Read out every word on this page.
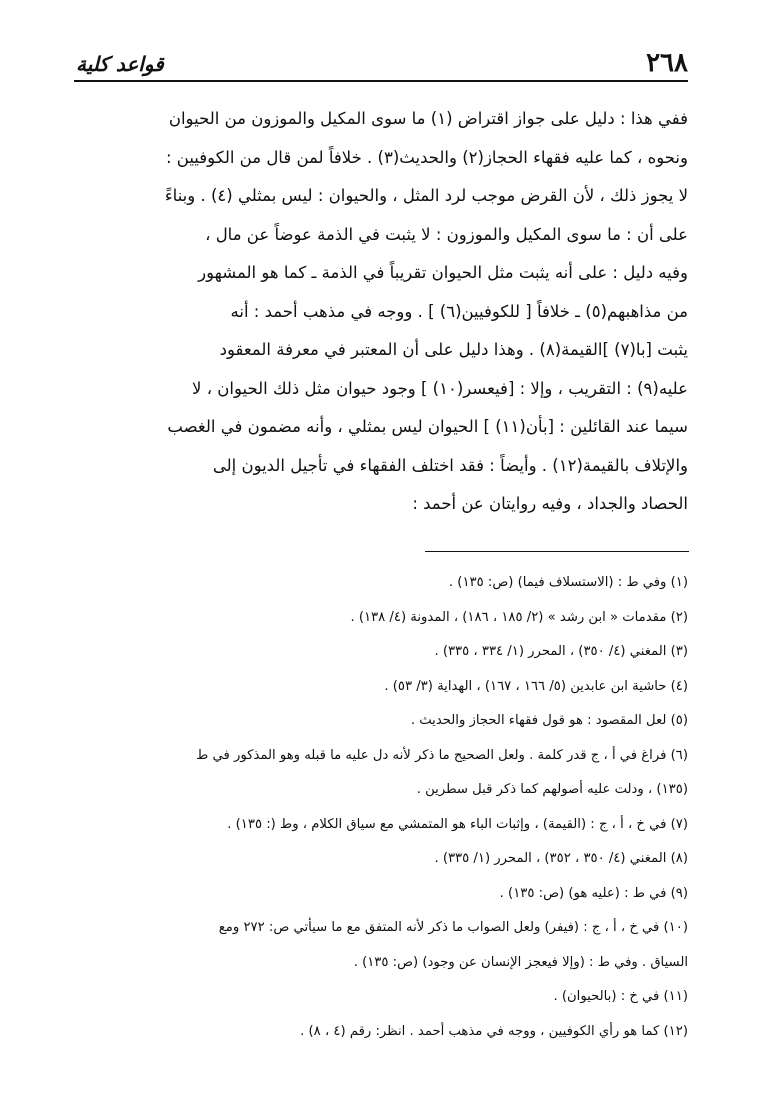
٢٦٨
قواعد كلية
ففي هذا : دليل على جواز اقتراض (١) ما سوى المكيل والموزون من الحيوان
ونحوه ، كما عليه فقهاء الحجاز(٢) والحديث(٣) . خلافاً لمن قال من الكوفيين :
لا يجوز ذلك ، لأن القرض موجب لرد المثل ، والحيوان : ليس بمثلي (٤) . وبناءً
على أن : ما سوى المكيل والموزون : لا يثبت في الذمة عوضاً عن مال ،
وفيه دليل : على أنه يثبت مثل الحيوان تقريباً في الذمة ـ كما هو المشهور
من مذاهبهم(٥) ـ خلافاً [ للكوفيين(٦) ] . ووجه في مذهب أحمد : أنه
يثبت [با(٧) ]القيمة(٨) . وهذا دليل على أن المعتبر في معرفة المعقود
عليه(٩) : التقريب ، وإلا : [فيعسر(١٠) ] وجود حيوان مثل ذلك الحيوان ، لا
سيما عند القائلين : [بأن(١١) ] الحيوان ليس بمثلي ، وأنه مضمون في الغصب
والإتلاف بالقيمة(١٢) . وأيضاً : فقد اختلف الفقهاء في تأجيل الديون إلى
الحصاد والجداد ، وفيه روايتان عن أحمد :
(١) وفي ط : (الاستسلاف فيما) (ص: ١٣٥) .
(٢) مقدمات « ابن رشد » (٢/ ١٨٥ ، ١٨٦) ، المدونة (٤/ ١٣٨) .
(٣) المغني (٤/ ٣٥٠) ، المحرر (١/ ٣٣٤ ، ٣٣٥) .
(٤) حاشية ابن عابدين (٥/ ١٦٦ ، ١٦٧) ، الهداية (٣/ ٥٣) .
(٥) لعل المقصود : هو قول فقهاء الحجاز والحديث .
(٦) فراغ في أ ، ج قدر كلمة . ولعل الصحيح ما ذكر لأنه دل عليه ما قبله وهو المذكور في ط
(١٣٥) ، ودلت عليه أصولهم كما ذكر قبل سطرين .
(٧) في خ ، أ ، ج : (القيمة) ، وإثبات الباء هو المتمشي مع سياق الكلام ، وط (: ١٣٥) .
(٨) المغني (٤/ ٣٥٠ ، ٣٥٢) ، المحرر (١/ ٣٣٥) .
(٩) في ط : (عليه هو) (ص: ١٣٥) .
(١٠) في خ ، أ ، ج : (فيفر) ولعل الصواب ما ذكر لأنه المتفق مع ما سيأتي ص: ٢٧٢ ومع
السياق . وفي ط : (وإلا فيعجز الإنسان عن وجود) (ص: ١٣٥) .
(١١) في خ : (بالحيوان) .
(١٢) كما هو رأي الكوفيين ، ووجه في مذهب أحمد . انظر: رقم (٤ ، ٨) .
